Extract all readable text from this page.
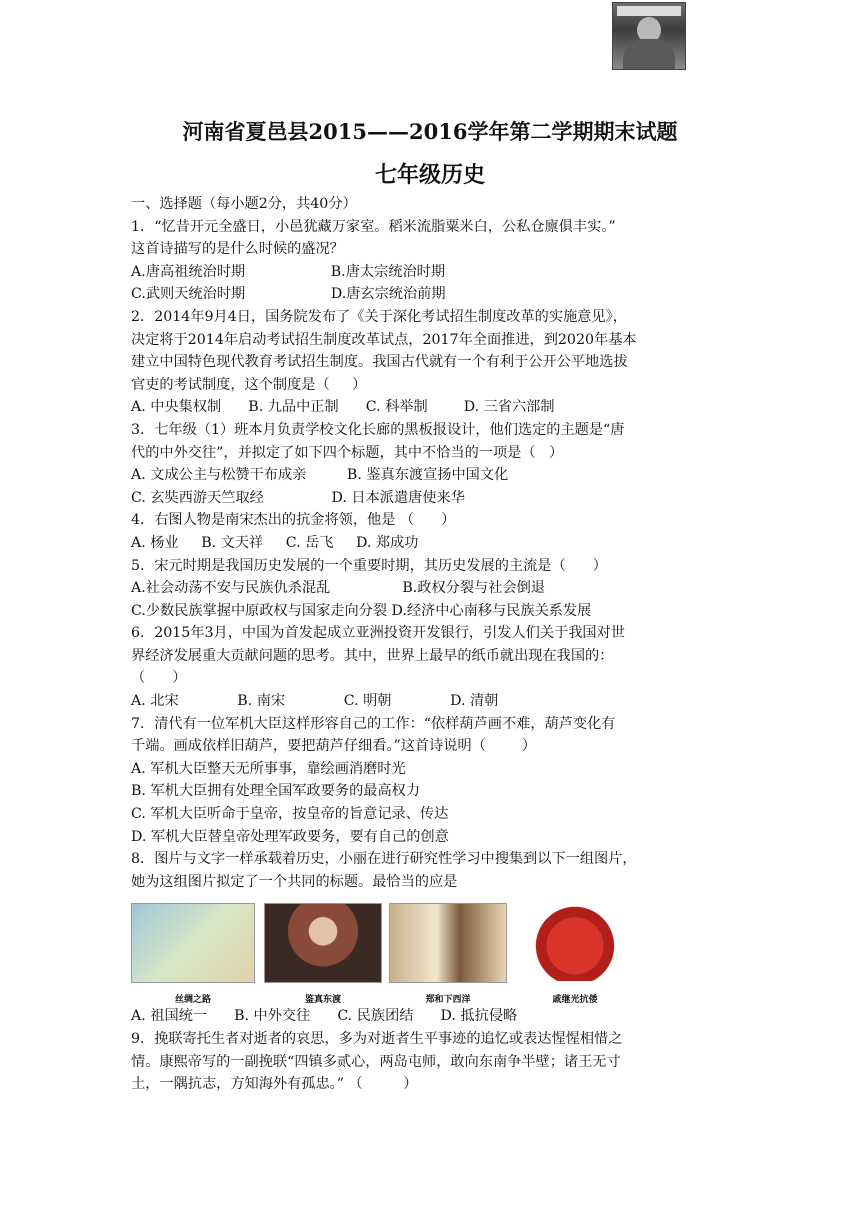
河南省夏邑县2015——2016学年第二学期期末试题
七年级历史
一、选择题（每小题2分，共40分）
1．“忆昔开元全盛日，小邑犹藏万家室。稻米流脂粟米白，公私仓廪俱丰实。”
这首诗描写的是什么时候的盛况？
A.唐高祖统治时期                   B.唐太宗统治时期
C.武则天统治时期                   D.唐玄宗统治前期
2．2014年9月4日，国务院发布了《关于深化考试招生制度改革的实施意见》，
决定将于2014年启动考试招生制度改革试点，2017年全面推进，到2020年基本
建立中国特色现代教育考试招生制度。我国古代就有一个有利于公开公平地选拔
官吏的考试制度，这个制度是（     ）
A. 中央集权制      B. 九品中正制      C. 科举制        D. 三省六部制
3．七年级（1）班本月负责学校文化长廊的黑板报设计，他们选定的主题是“唐
代的中外交往”，并拟定了如下四个标题，其中不恰当的一项是（   ）
A. 文成公主与松赞干布成亲         B. 鉴真东渡宣扬中国文化
C. 玄奘西游天竺取经               D. 日本派遣唐使来华
4．右图人物是南宋杰出的抗金将领，他是 （      ）
A. 杨业     B. 文天祥     C. 岳飞     D. 郑成功
5．宋元时期是我国历史发展的一个重要时期，其历史发展的主流是（      ）
A.社会动荡不安与民族仇杀混乱                B.政权分裂与社会倒退
C.少数民族掌握中原政权与国家走向分裂 D.经济中心南移与民族关系发展
6．2015年3月，中国为首发起成立亚洲投资开发银行，引发人们关于我国对世
界经济发展重大贡献问题的思考。其中，世界上最早的纸币就出现在我国的：
（      ）
A. 北宋             B. 南宋             C. 明朝             D. 清朝
7．清代有一位军机大臣这样形容自己的工作：“依样葫芦画不难，葫芦变化有
千端。画成依样旧葫芦，要把葫芦仔细看。”这首诗说明（        ）
A. 军机大臣整天无所事事，靠绘画消磨时光
B. 军机大臣拥有处理全国军政要务的最高权力
C. 军机大臣听命于皇帝，按皇帝的旨意记录、传达
D. 军机大臣替皇帝处理军政要务，要有自己的创意
8．图片与文字一样承载着历史，小丽在进行研究性学习中搜集到以下一组图片，
她为这组图片拟定了一个共同的标题。最恰当的应是
丝绸之路	鉴真东渡	郑和下西洋	戚继光抗倭
A. 祖国统一      B. 中外交往      C. 民族团结      D. 抵抗侵略
9．挽联寄托生者对逝者的哀思，多为对逝者生平事迹的追忆或表达惺惺相惜之
情。康熙帝写的一副挽联“四镇多贰心，两岛屯师，敢向东南争半壁；诸王无寸
土，一隅抗志，方知海外有孤忠。” （         ）
